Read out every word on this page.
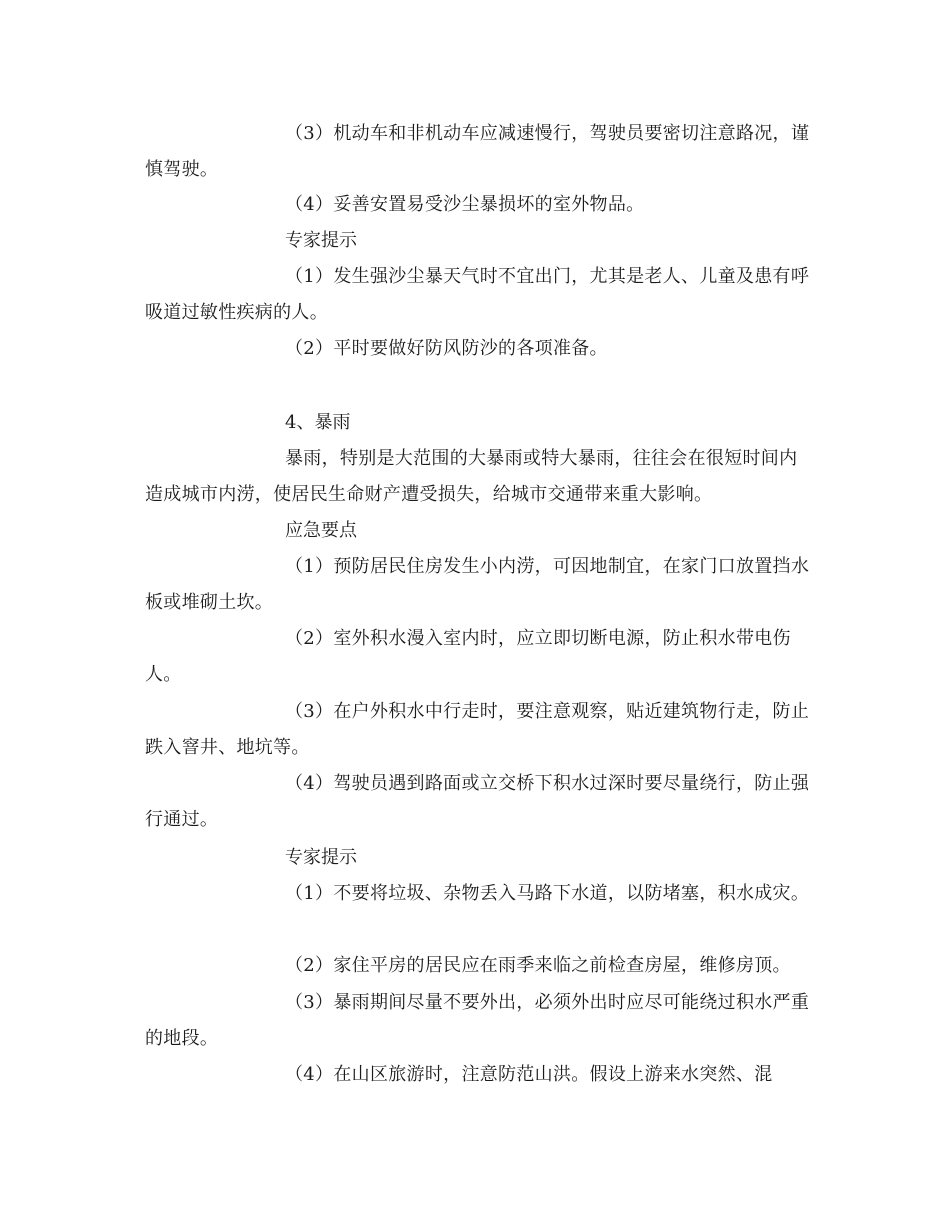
（3）机动车和非机动车应减速慢行，驾驶员要密切注意路况，谨慎驾驶。

（4）妥善安置易受沙尘暴损坏的室外物品。

专家提示

（1）发生强沙尘暴天气时不宜出门，尤其是老人、儿童及患有呼吸道过敏性疾病的人。

（2）平时要做好防风防沙的各项准备。

4、暴雨

暴雨，特别是大范围的大暴雨或特大暴雨，往往会在很短时间内造成城市内涝，使居民生命财产遭受损失，给城市交通带来重大影响。

应急要点

（1）预防居民住房发生小内涝，可因地制宜，在家门口放置挡水板或堆砌土坎。

（2）室外积水漫入室内时，应立即切断电源，防止积水带电伤人。

（3）在户外积水中行走时，要注意观察，贴近建筑物行走，防止跌入窨井、地坑等。

（4）驾驶员遇到路面或立交桥下积水过深时要尽量绕行，防止强行通过。

专家提示

（1）不要将垃圾、杂物丢入马路下水道，以防堵塞，积水成灾。

（2）家住平房的居民应在雨季来临之前检查房屋，维修房顶。

（3）暴雨期间尽量不要外出，必须外出时应尽可能绕过积水严重的地段。

（4）在山区旅游时，注意防范山洪。假设上游来水突然、混
